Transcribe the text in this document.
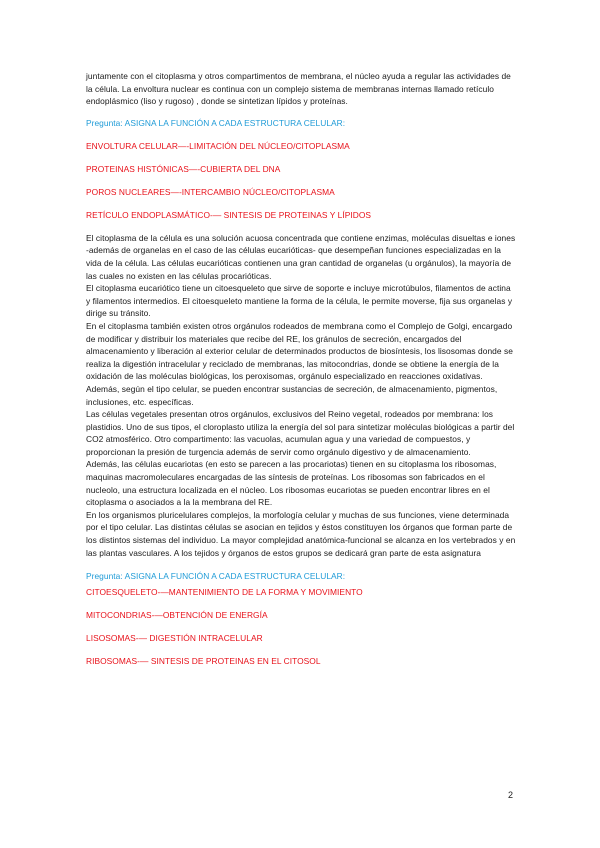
juntamente con el citoplasma y otros compartimentos de membrana, el núcleo ayuda a regular las actividades de la célula. La envoltura nuclear es continua con un complejo sistema de membranas internas llamado retículo endoplásmico (liso y rugoso) , donde se sintetizan lípidos y proteínas.

Pregunta: ASIGNA LA FUNCIÓN A CADA ESTRUCTURA CELULAR:

ENVOLTURA CELULAR—-LIMITACIÓN DEL NÚCLEO/CITOPLASMA

PROTEINAS HISTÓNICAS—-CUBIERTA DEL DNA

POROS NUCLEARES—-INTERCAMBIO NÚCLEO/CITOPLASMA

RETÍCULO ENDOPLASMÁTICO-— SINTESIS DE PROTEINAS Y LÍPIDOS

El citoplasma de la célula es una solución acuosa concentrada que contiene enzimas, moléculas disueltas e iones -además de organelas en el caso de las células eucarióticas- que desempeñan funciones especializadas en la vida de la célula. Las células eucarióticas contienen una gran cantidad de organelas (u orgánulos), la mayoría de las cuales no existen en las células procarióticas.

El citoplasma eucariótico tiene un citoesqueleto que sirve de soporte e incluye microtúbulos, filamentos de actina y filamentos intermedios. El citoesqueleto mantiene la forma de la célula, le permite moverse, fija sus organelas y dirige su tránsito.

En el citoplasma también existen otros orgánulos rodeados de membrana como el Complejo de Golgi, encargado de modificar y distribuir los materiales que recibe del RE, los gránulos de secreción, encargados del almacenamiento y liberación al exterior celular de determinados productos de biosíntesis, los lisosomas donde se realiza la digestión intracelular y reciclado de membranas, las mitocondrias, donde se obtiene la energía de la oxidación de las moléculas biológicas, los peroxisomas, orgánulo especializado en reacciones oxidativas. Además, según el tipo celular, se pueden encontrar sustancias de secreción, de almacenamiento, pigmentos, inclusiones, etc. específicas.

Las células vegetales presentan otros orgánulos, exclusivos del Reino vegetal, rodeados por membrana: los plastidios. Uno de sus tipos, el cloroplasto utiliza la energía del sol para sintetizar moléculas biológicas a partir del CO2 atmosférico. Otro compartimento: las vacuolas, acumulan agua y una variedad de compuestos, y proporcionan la presión de turgencia además de servir como orgánulo digestivo y de almacenamiento.

Además, las células eucariotas (en esto se parecen a las procariotas) tienen en su citoplasma los ribosomas, maquinas macromoleculares encargadas de las síntesis de proteínas. Los ribosomas son fabricados en el nucleolo, una estructura localizada en el núcleo. Los ribosomas eucariotas se pueden encontrar libres en el citoplasma o asociados a la la membrana del RE.

En los organismos pluricelulares complejos, la morfología celular y muchas de sus funciones, viene determinada por el tipo celular. Las distintas células se asocian en tejidos y éstos constituyen los órganos que forman parte de los distintos sistemas del individuo. La mayor complejidad anatómica-funcional se alcanza en los vertebrados y en las plantas vasculares. A los tejidos y órganos de estos grupos se dedicará gran parte de esta asignatura

Pregunta: ASIGNA LA FUNCIÓN A CADA ESTRUCTURA CELULAR:

CITOESQUELETO-—MANTENIMIENTO DE LA FORMA Y MOVIMIENTO

MITOCONDRIAS-—OBTENCIÓN DE ENERGÍA

LISOSOMAS-— DIGESTIÓN INTRACELULAR

RIBOSOMAS-— SINTESIS DE PROTEINAS EN EL CITOSOL

2
